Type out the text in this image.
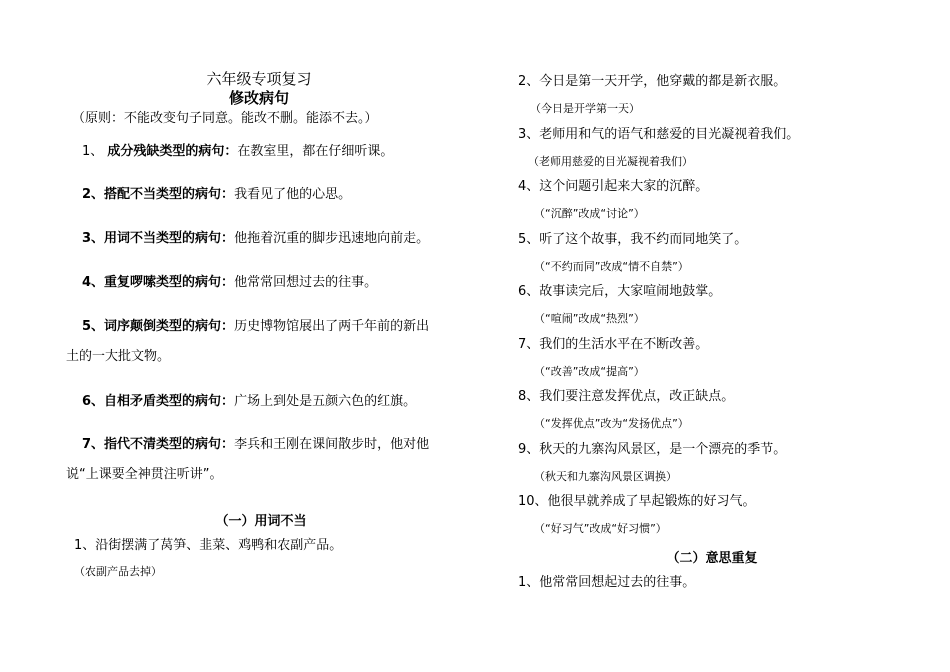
六年级专项复习
修改病句
（原则：不能改变句子同意。能改不删。能添不去。）
1、 成分残缺类型的病句：在教室里，都在仔细听课。
2、搭配不当类型的病句：我看见了他的心思。
3、用词不当类型的病句：他拖着沉重的脚步迅速地向前走。
4、重复啰嗦类型的病句：他常常回想过去的往事。
5、词序颠倒类型的病句：历史博物馆展出了两千年前的新出
土的一大批文物。
6、自相矛盾类型的病句：广场上到处是五颜六色的红旗。
7、指代不清类型的病句：李兵和王刚在课间散步时，他对他
说“上课要全神贯注听讲”。
（一）用词不当
1、沿街摆满了莴笋、韭菜、鸡鸭和农副产品。
（农副产品去掉）
2、今日是第一天开学，他穿戴的都是新衣服。
（今日是开学第一天）
3、老师用和气的语气和慈爱的目光凝视着我们。
（老师用慈爱的目光凝视着我们）
4、这个问题引起来大家的沉醉。
（“沉醉”改成“讨论”）
5、听了这个故事，我不约而同地笑了。
（“不约而同”改成“情不自禁”）
6、故事读完后，大家喧闹地鼓掌。
（“喧闹”改成“热烈”）
7、我们的生活水平在不断改善。
（“改善”改成“提高”）
8、我们要注意发挥优点，改正缺点。
（“发挥优点”改为“发扬优点”）
9、秋天的九寨沟风景区，是一个漂亮的季节。
（秋天和九寨沟风景区调换）
10、他很早就养成了早起锻炼的好习气。
（“好习气”改成“好习惯”）
（二）意思重复
1、他常常回想起过去的往事。
